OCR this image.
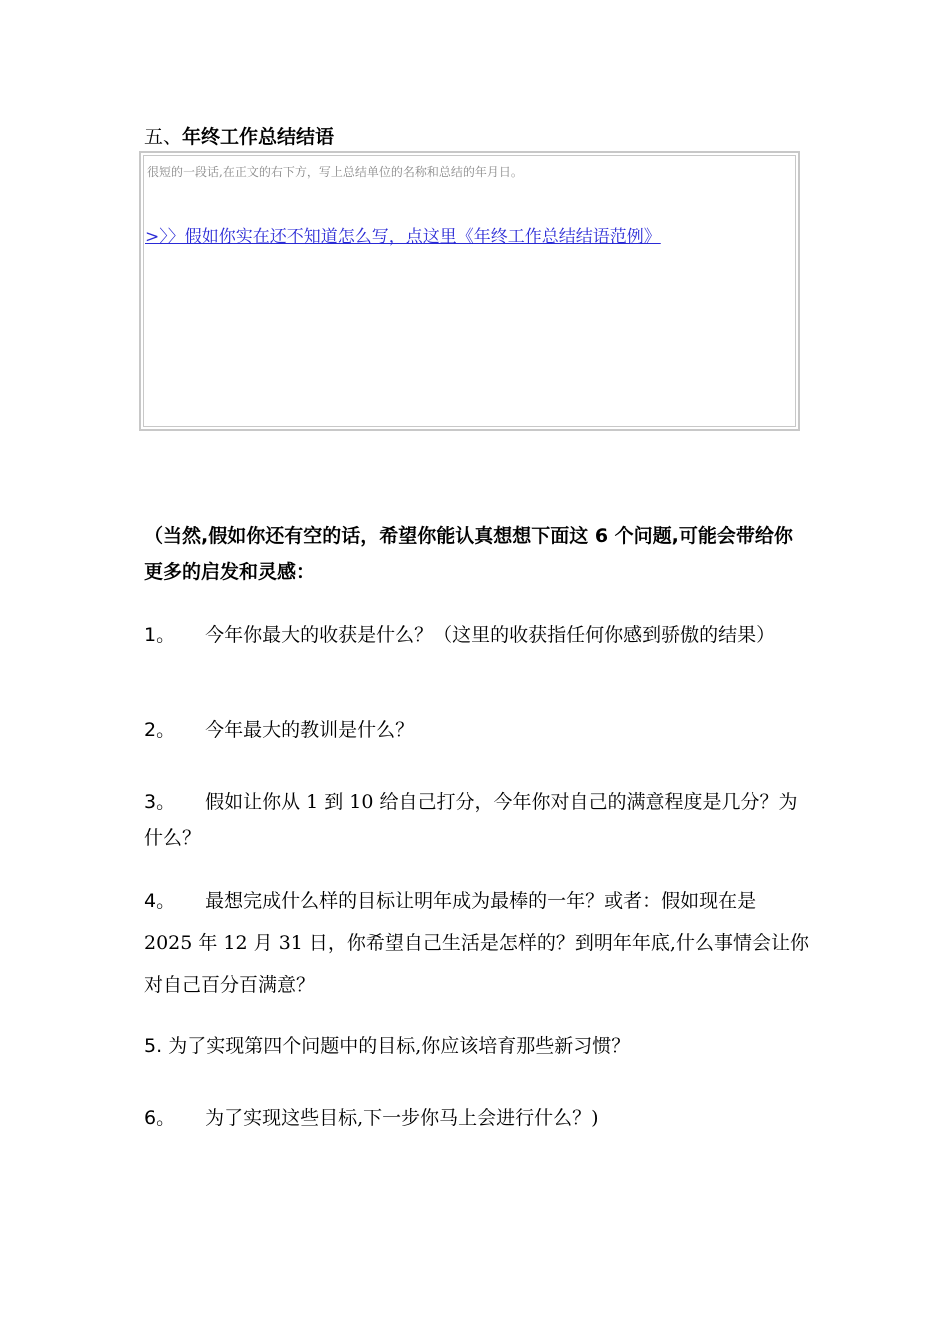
五、年终工作总结结语
很短的一段话,在正文的右下方，写上总结单位的名称和总结的年月日。
>〉〉假如你实在还不知道怎么写，点这里《年终工作总结结语范例》
（当然,假如你还有空的话，希望你能认真想想下面这 6 个问题,可能会带给你更多的启发和灵感：
1。 今年你最大的收获是什么？（这里的收获指任何你感到骄傲的结果）
2。 今年最大的教训是什么？
3。 假如让你从 1 到 10 给自己打分，今年你对自己的满意程度是几分？为什么？
4。 最想完成什么样的目标让明年成为最棒的一年？或者：假如现在是 2025 年 12 月 31 日，你希望自己生活是怎样的？到明年年底,什么事情会让你对自己百分百满意？
5. 为了实现第四个问题中的目标,你应该培育那些新习惯？
6。 为了实现这些目标,下一步你马上会进行什么？)
